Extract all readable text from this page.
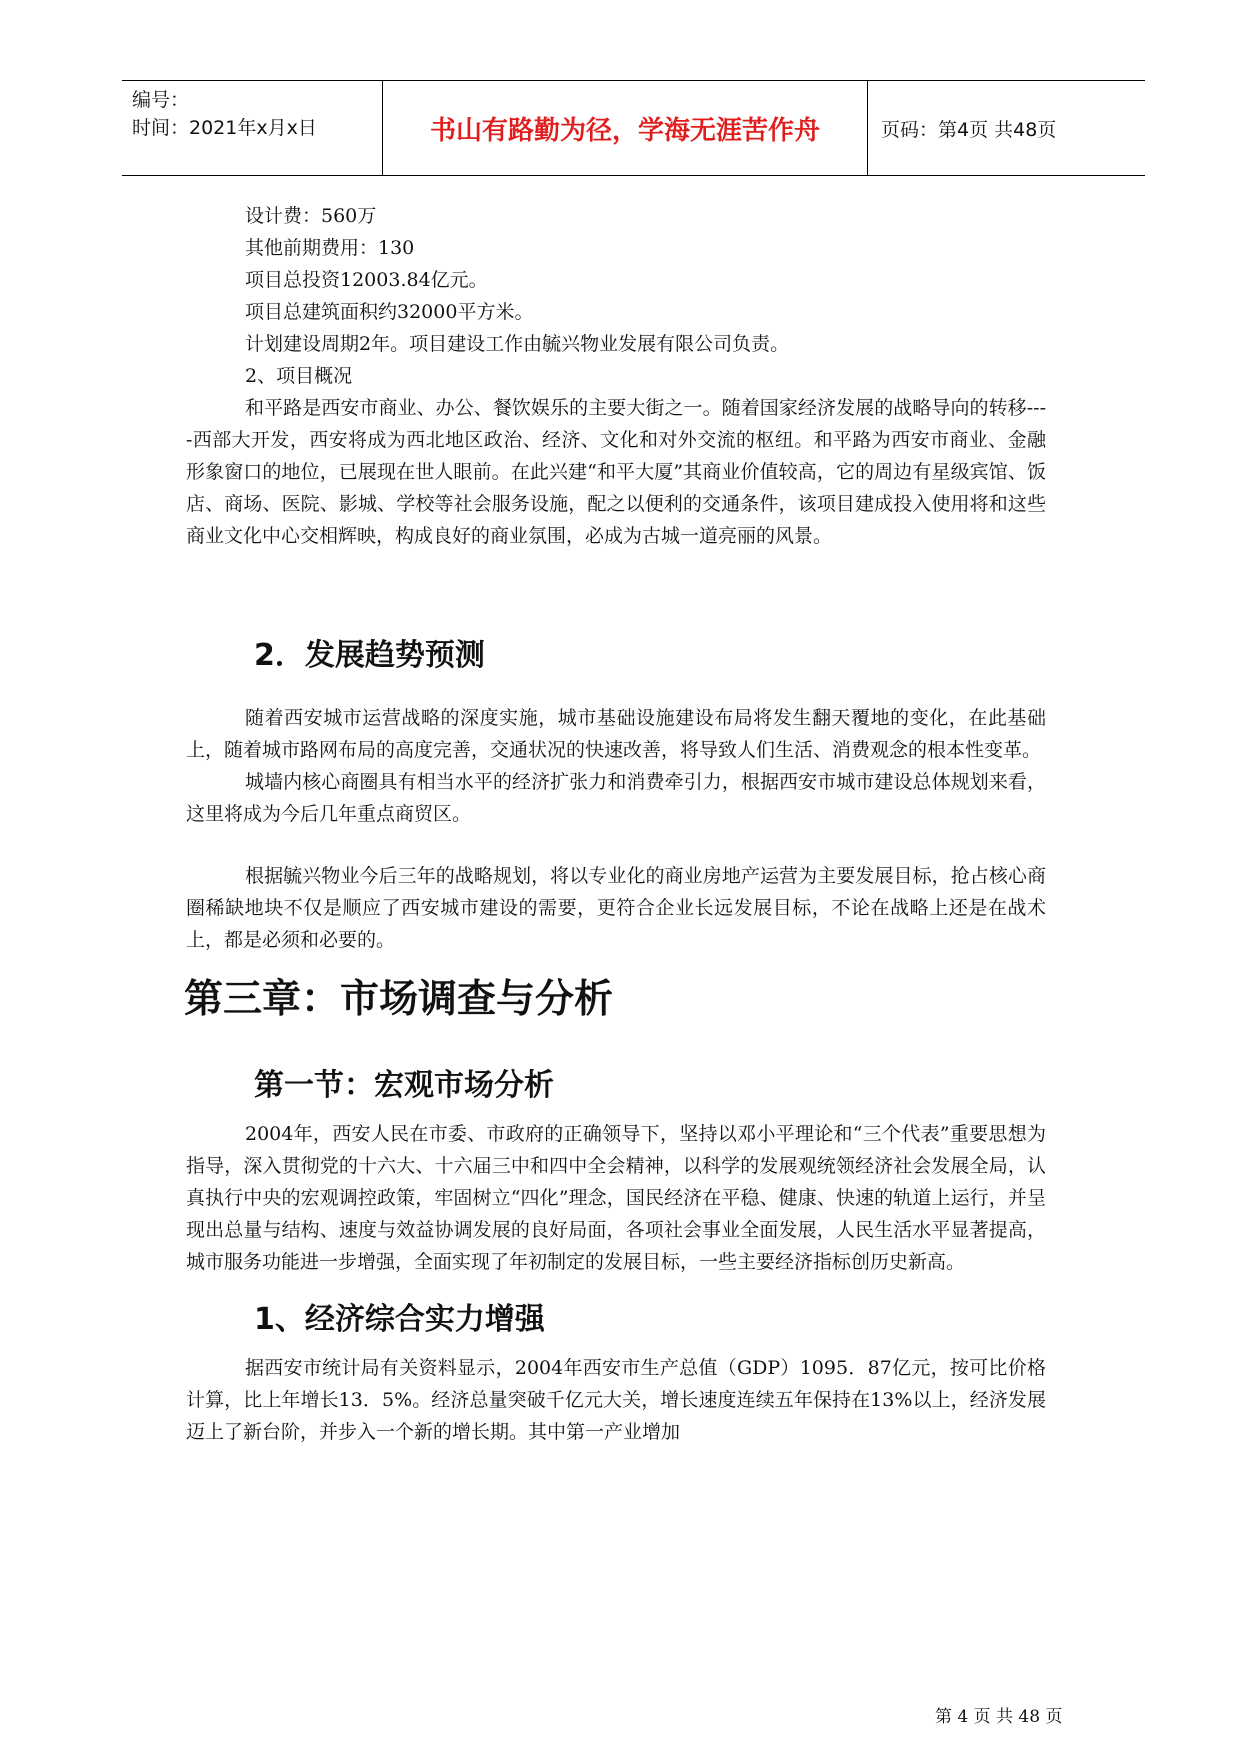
编号：
时间：2021年x月x日	书山有路勤为径，学海无涯苦作舟	页码：第4页 共48页

设计费：560万

其他前期费用：130

项目总投资12003.84亿元。

项目总建筑面积约32000平方米。

计划建设周期2年。项目建设工作由毓兴物业发展有限公司负责。

2、项目概况

和平路是西安市商业、办公、餐饮娱乐的主要大街之一。随着国家经济发展的战略导向的转移----西部大开发，西安将成为西北地区政治、经济、文化和对外交流的枢纽。和平路为西安市商业、金融形象窗口的地位，已展现在世人眼前。在此兴建“和平大厦”其商业价值较高，它的周边有星级宾馆、饭店、商场、医院、影城、学校等社会服务设施，配之以便利的交通条件，该项目建成投入使用将和这些商业文化中心交相辉映，构成良好的商业氛围，必成为古城一道亮丽的风景。

2．发展趋势预测

随着西安城市运营战略的深度实施，城市基础设施建设布局将发生翻天覆地的变化，在此基础上，随着城市路网布局的高度完善，交通状况的快速改善，将导致人们生活、消费观念的根本性变革。

城墙内核心商圈具有相当水平的经济扩张力和消费牵引力，根据西安市城市建设总体规划来看，这里将成为今后几年重点商贸区。

根据毓兴物业今后三年的战略规划，将以专业化的商业房地产运营为主要发展目标，抢占核心商圈稀缺地块不仅是顺应了西安城市建设的需要，更符合企业长远发展目标，不论在战略上还是在战术上，都是必须和必要的。

第三章：市场调查与分析
第一节：宏观市场分析

2004年，西安人民在市委、市政府的正确领导下，坚持以邓小平理论和“三个代表”重要思想为指导，深入贯彻党的十六大、十六届三中和四中全会精神，以科学的发展观统领经济社会发展全局，认真执行中央的宏观调控政策，牢固树立“四化”理念，国民经济在平稳、健康、快速的轨道上运行，并呈现出总量与结构、速度与效益协调发展的良好局面，各项社会事业全面发展，人民生活水平显著提高，城市服务功能进一步增强，全面实现了年初制定的发展目标，一些主要经济指标创历史新高。

1、经济综合实力增强

据西安市统计局有关资料显示，2004年西安市生产总值（GDP）1095．87亿元，按可比价格计算，比上年增长13．5%。经济总量突破千亿元大关，增长速度连续五年保持在13%以上，经济发展迈上了新台阶，并步入一个新的增长期。其中第一产业增加

第 4 页 共 48 页
